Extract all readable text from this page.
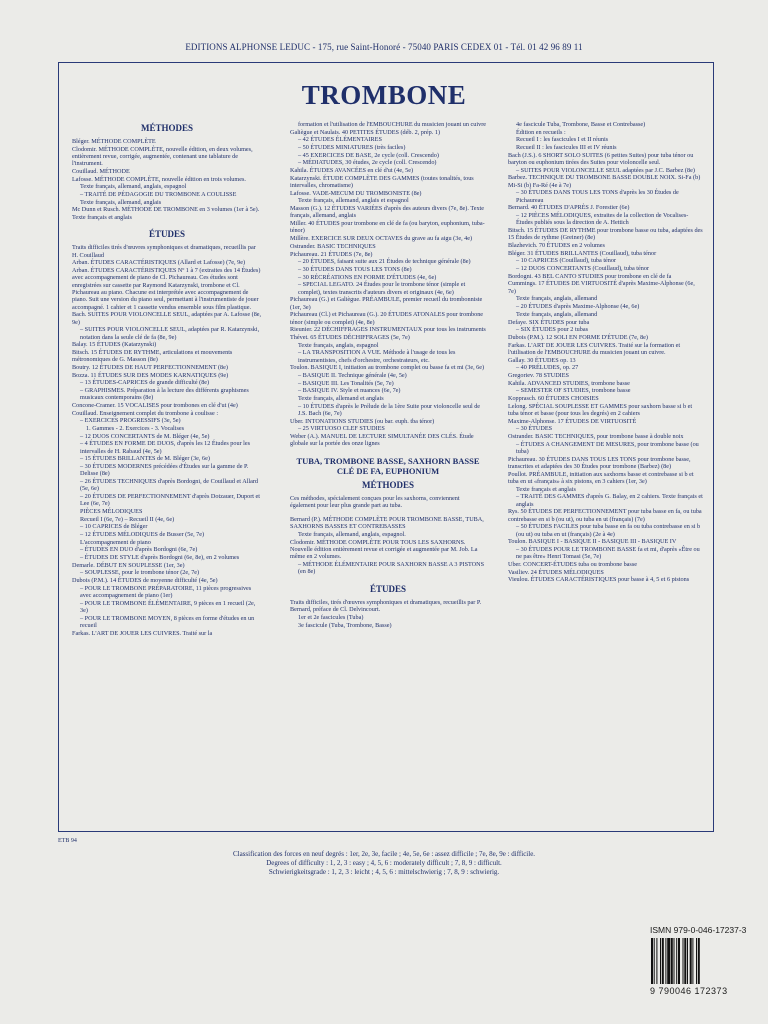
EDITIONS ALPHONSE LEDUC - 175, rue Saint-Honoré - 75040 PARIS CEDEX 01 - Tél. 01 42 96 89 11
TROMBONE
MÉTHODES
Bléger. MÉTHODE COMPLÈTE
Clodomir. MÉTHODE COMPLÈTE, nouvelle édition, en deux volumes, entièrement revue, corrigée, augmentée, contenant une tablature de l'instrument.
Couillaud. MÉTHODE
Lafosse. MÉTHODE COMPLÈTE, nouvelle édition en trois volumes.
Texte français, allemand, anglais, espagnol
– TRAITÉ DE PÉDAGOGIE DU TROMBONE A COULISSE
Texte français, allemand, anglais
Mc Dunn et Rusch. MÉTHODE DE TROMBONE en 3 volumes (1er à 5e). Texte français et anglais
ÉTUDES
Traits difficiles tirés d'œuvres symphoniques et dramatiques, recueillis par H. Couillaud
Arban. ÉTUDES CARACTÉRISTIQUES (Allard et Lafosse) (7e, 9e)
Arban. ÉTUDES CARACTÉRISTIQUES Nº 1 à 7 (extraites des 14 Études) avec accompagnement de piano de Cl. Pichaureau. Ces études sont enregistrées sur cassette par Raymond Katarzynski, trombone et Cl. Pichaureau au piano. Chacune est interprétée avec accompagnement de piano. Suit une version du piano seul, permettant à l'instrumentiste de jouer accompagné. 1 cahier et 1 cassette vendus ensemble sous film plastique.
Bach. SUITES POUR VIOLONCELLE SEUL, adaptées par A. Lafosse (8e, 9e)
– SUITES POUR VIOLONCELLE SEUL, adaptées par R. Katarzynski, notation dans la seule clé de fa (8e, 9e)
Balay. 15 ÉTUDES (Katarzynski)
Bitsch. 15 ÉTUDES DE RYTHME, articulations et mouvements métronomiques de G. Masson (8e)
Boutry. 12 ÉTUDES DE HAUT PERFECTIONNEMENT (8e)
Bozza. 11 ÉTUDES SUR DES MODES KARNATIQUES (9e)
– 13 ÉTUDES-CAPRICES de grande difficulté (8e)
– GRAPHISMES. Préparation à la lecture des différents graphismes musicaux contemporains (8e)
Concone-Cramer. 15 VOCALISES pour trombones en clé d'ut (4e)
Couillaud. Enseignement complet du trombone à coulisse :
– EXERCICES PROGRESSIFS (3e, 5e)
1. Gammes - 2. Exercices - 3. Vocalises
– 12 DUOS CONCERTANTS de M. Bléger (4e, 5e)
– 4 ÉTUDES EN FORME DE DUOS, d'après les 12 Études pour les intervalles de H. Rabaud (4e, 5e)
– 15 ÉTUDES BRILLANTES de M. Bléger (3e, 6e)
– 30 ÉTUDES MODERNES précédées d'Études sur la gamme de P. Delisse (8e)
– 26 ÉTUDES TECHNIQUES d'après Bordogni, de Couillaud et Allard (5e, 6e)
– 20 ÉTUDES DE PERFECTIONNEMENT d'après Dotzauer, Duport et Lee (6e, 7e)
PIÈCES MÉLODIQUES
Recueil I (6e, 7e) – Recueil II (4e, 6e)
– 10 CAPRICES de Bléger
– 12 ÉTUDES MÉLODIQUES de Busser (5e, 7e)
L'accompagnement de piano
– ÉTUDES EN DUO d'après Bordogni (6e, 7e)
– ÉTUDES DE STYLE d'après Bordogni (6e, 8e), en 2 volumes
Demarle. DÉBUT EN SOUPLESSE (1er, 3e)
– SOUPLESSE, pour le trombone ténor (2e, 7e)
Dubois (P.M.). 14 ÉTUDES de moyenne difficulté (4e, 5e)
– POUR LE TROMBONE PRÉPARATOIRE, 11 pièces progressives avec accompagnement de piano (1er)
– POUR LE TROMBONE ÉLÉMENTAIRE, 9 pièces en 1 recueil (2e, 3e)
– POUR LE TROMBONE MOYEN, 8 pièces en forme d'études en un recueil
Farkas. L'ART DE JOUER LES CUIVRES. Traité sur la
formation et l'utilisation de l'EMBOUCHURE du musicien jouant un cuivre
Galiègue et Naulais. 40 PETITES ÉTUDES (déb. 2, prép. 1)
– 42 ÉTUDES ÉLÉMENTAIRES
– 50 ÉTUDES MINIATURES (très faciles)
– 45 EXERCICES DE BASE, 2e cycle (coll. Crescendo)
– MÉDIATUDES, 30 études, 2e cycle (coll. Crescendo)
Kahila. ÉTUDES AVANCÉES en clé d'ut (4e, 5e)
Katarzynski. ÉTUDE COMPLÈTE DES GAMMES (toutes tonalités, tous intervalles, chromatisme)
Lafosse. VADE-MECUM DU TROMBONISTE (8e)
Texte français, allemand, anglais et espagnol
Masson (G.). 12 ÉTUDES VARIÉES d'après des auteurs divers (7e, 8e). Texte français, allemand, anglais
Miller. 40 ÉTUDES pour trombone en clé de fa (ou baryton, euphonium, tuba-ténor)
Millère. EXERCICE SUR DEUX OCTAVES du grave au fa aigu (3e, 4e)
Ostrander. BASIC TECHNIQUES
Pichaureau. 21 ÉTUDES (7e, 8e)
– 20 ÉTUDES, faisant suite aux 21 Études de technique générale (8e)
– 30 ÉTUDES DANS TOUS LES TONS (8e)
– 30 RÉCRÉATIONS EN FORME D'ÉTUDES (4e, 6e)
– SPECIAL LEGATO. 24 Études pour le trombone ténor (simple et complet), textes transcrits d'auteurs divers et originaux (4e, 6e)
Pichaureau (G.) et Galiègue. PRÉAMBULE, premier recueil du trombonniste (1er, 3e)
Pichaureau (Cl.) et Pichaureau (G.). 20 ÉTUDES ATONALES pour trombone ténor (simple ou complet) (4e, 8e)
Rieunier. 22 DÉCHIFFRAGES INSTRUMENTAUX pour tous les instruments
Thévet. 65 ÉTUDES DÉCHIFFRAGES (5e, 7e)
Texte français, anglais, espagnol
– LA TRANSPOSITION A VUE. Méthode à l'usage de tous les instrumentistes, chefs d'orchestre, orchestrateurs, etc.
Toulon. BASIQUE I, initiation au trombone complet ou basse fa et mi (3e, 6e)
– BASIQUE II. Technique générale (4e, 5e)
– BASIQUE III. Les Tonalités (5e, 7e)
– BASIQUE IV. Style et nuances (6e, 7e)
Texte français, allemand et anglais
– 10 ÉTUDES d'après le Prélude de la 1ère Suite pour violoncelle seul de J.S. Bach (6e, 7e)
Uber. INTONATIONS STUDIES (ou bar. euph. tba ténor)
– 25 VIRTUOSO CLEF STUDIES
Weber (A.). MANUEL DE LECTURE SIMULTANÉE DES CLÉS. Étude globale sur la portée des onze lignes
TUBA, TROMBONE BASSE, SAXHORN BASSE CLÉ DE FA, EUPHONIUM
MÉTHODES
Ces méthodes, spécialement conçues pour les saxhorns, conviennent également pour leur plus grande part au tuba.
Bernard (P.). MÉTHODE COMPLÈTE POUR TROMBONE BASSE, TUBA, SAXHORNS BASSES ET CONTREBASSES
Texte français, allemand, anglais, espagnol.
Clodomir. MÉTHODE COMPLÈTE POUR TOUS LES SAXHORNS. Nouvelle édition entièrement revue et corrigée et augmentée par M. Job. La même en 2 volumes.
– MÉTHODE ÉLÉMENTAIRE POUR SAXHORN BASSE A 3 PISTONS (en 8e)
ÉTUDES
Traits difficiles, tirés d'œuvres symphoniques et dramatiques, recueillis par P. Bernard, préface de Cl. Delvincourt.
1er et 2e fascicules (Tuba)
3e fascicule (Tuba, Trombone, Basse)
4e fascicule Tuba, Trombone, Basse et Contrebasse)
Édition en recueils :
Recueil I : les fascicules I et II réunis
Recueil II : les fascicules III et IV réunis
Bach (J.S.). 6 SHORT SOLO SUITES (6 petites Suites) pour tuba ténor ou baryton ou euphonium tirées des Suites pour violoncelle seul.
– SUITES POUR VIOLONCELLE SEUL adaptées par J.C. Barbez (8e)
Barbez. TECHNIQUE DU TROMBONE BASSE DOUBLE NOIX. Si-Fa (b) Mi-Si (b) Fa-Ré (4e à 7e)
– 30 ÉTUDES DANS TOUS LES TONS d'après les 30 Études de Pichaureau
Bernard. 40 ÉTUDES D'APRÈS J. Forestier (6e)
– 12 PIÈCES MÉLODIQUES, extraites de la collection de Vocalises-Études publiés sous la direction de A. Hettich
Bitsch. 15 ÉTUDES DE RYTHME pour trombone basse ou tuba, adaptées des 15 Études de rythme (Greiner) (8e)
Blazhevich. 70 ÉTUDES en 2 volumes
Bléger. 31 ÉTUDES BRILLANTES (Couillaud), tuba ténor
– 10 CAPRICES (Couillaud), tuba ténor
– 12 DUOS CONCERTANTS (Couillaud), tuba ténor
Bordogni. 43 BEL CANTO STUDIES pour trombone en clé de fa
Cummings. 17 ÉTUDES DE VIRTUOSITÉ d'après Maxime-Alphonse (6e, 7e)
Texte français, anglais, allemand
– 20 ÉTUDES d'après Maxime-Alphonse (4e, 6e)
Texte français, anglais, allemand
Defaye. SIX ÉTUDES pour tuba
– SIX ÉTUDES pour 2 tubas
Dubois (P.M.). 12 SOLI EN FORME D'ÉTUDE (7e, 8e)
Farkas. L'ART DE JOUER LES CUIVRES. Traité sur la formation et l'utilisation de l'EMBOUCHURE du musicien jouant un cuivre.
Gallay. 30 ÉTUDES op. 13
– 40 PRÉLUDES, op. 27
Gregoriev. 78 STUDIES
Kahila. ADVANCED STUDIES, trombone basse
– SEMESTER OF STUDIES, trombone basse
Kopprasch. 60 ÉTUDES CHOISIES
Lelong. SPÉCIAL SOUPLESSE ET GAMMES pour saxhorn basse si b et tuba ténor et basse (pour tous les degrés) en 2 cahiers
Maxime-Alphonse. 17 ÉTUDES DE VIRTUOSITÉ
– 30 ÉTUDES
Ostrander. BASIC TECHNIQUES, pour trombone basse à double noix
– ÉTUDES A CHANGEMENT DE MESURES, pour trombone basse (ou tuba)
Pichaureau. 30 ÉTUDES DANS TOUS LES TONS pour trombone basse, transcrites et adaptées des 30 Études pour trombone (Barbez) (8e)
Poullot. PRÉAMBULE, initiation aux saxhorns basse et contrebasse si b et tuba en ut «français» à six pistons, en 3 cahiers (1er, 3e)
Texte français et anglais
– TRAITÉ DES GAMMES d'après G. Balay, en 2 cahiers. Texte français et anglais
Rys. 50 ÉTUDES DE PERFECTIONNEMENT pour tuba basse en fa, ou tuba contrebasse en si b (ou ut), ou tuba en ut (français) (7e)
– 50 ÉTUDES FACILES pour tuba basse en fa ou tuba contrebasse en si b (ou ut) ou tuba en ut (français) (2e à 4e)
Toulon. BASIQUE I - BASIQUE II - BASIQUE III - BASIQUE IV
– 30 ÉTUDES POUR LE TROMBONE BASSE fa et mi, d'après «Être ou ne pas être» Henri Tomasi (5e, 7e)
Uber. CONCERT-ÉTUDES tuba ou trombone basse
Vasiliev. 24 ÉTUDES MÉLODIQUES
Vieulou. ÉTUDES CARACTÉRISTIQUES pour basse à 4, 5 et 6 pistons
ETB 94
Classification des forces en neuf degrés : 1er, 2e, 3e, facile ; 4e, 5e, 6e : assez difficile ; 7e, 8e, 9e : difficile.
Degrees of difficulty : 1, 2, 3 : easy ; 4, 5, 6 : moderately difficult ; 7, 8, 9 : difficult.
Schwierigkeitsgrade : 1, 2, 3 : leicht ; 4, 5, 6 : mittelschwierig ; 7, 8, 9 : schwierig.
ISMN 979-0-046-17237-3
9 790046 172373
